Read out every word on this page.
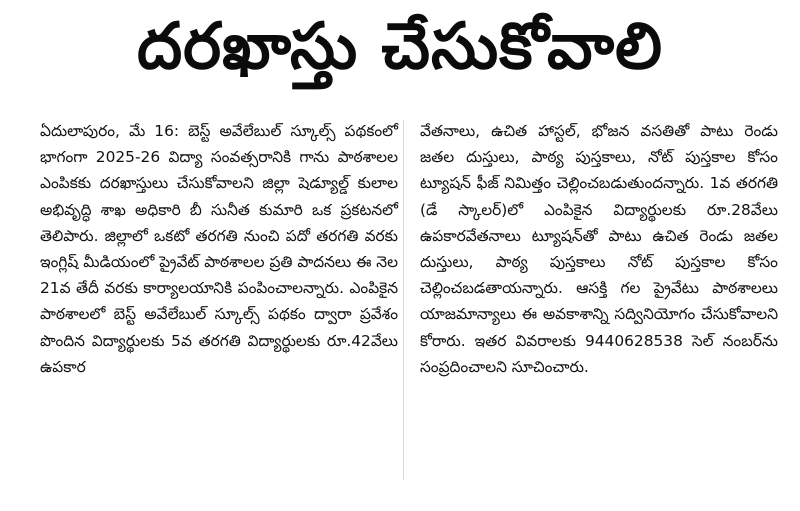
దరఖాస్తు చేసుకోవాలి

ఏదులాపురం, మే 16: బెస్ట్ అవేలేబుల్ స్కూల్స్ పథకంలో భాగంగా 2025-26 విద్యా సంవత్సరానికి గాను పాఠశాలల ఎంపికకు దరఖాస్తులు చేసుకోవాలని జిల్లా షెడ్యూల్డ్ కులాల అభివృద్ధి శాఖ అధికారి బీ సునీత కుమారి ఒక ప్రకటనలో తెలిపారు. జిల్లాలో ఒకటో తరగతి నుంచి పదో తరగతి వరకు ఇంగ్లిష్ మీడియంలో ప్రైవేట్ పాఠశాలల ప్రతి పాదనలు ఈ నెల 21వ తేదీ వరకు కార్యాలయానికి పంపించాలన్నారు. ఎంపికైన పాఠశాలలో బెస్ట్ అవేలేబుల్ స్కూల్స్ పథకం ద్వారా ప్రవేశం పొందిన విద్యార్థులకు 5వ తరగతి విద్యార్థులకు రూ.42వేలు ఉపకార

వేతనాలు, ఉచిత హాస్టల్, భోజన వసతితో పాటు రెండు జతల దుస్తులు, పాఠ్య పుస్తకాలు, నోట్ పుస్తకాల కోసం ట్యూషన్ ఫీజ్ నిమిత్తం చెల్లించబడుతుందన్నారు. 1వ తరగతి (డే స్కాలర్)లో ఎంపికైన విద్యార్థులకు రూ.28వేలు ఉపకారవేతనాలు ట్యూషన్‌తో పాటు ఉచిత రెండు జతల దుస్తులు, పాఠ్య పుస్తకాలు నోట్ పుస్తకాల కోసం చెల్లించబడతాయన్నారు. ఆసక్తి గల ప్రైవేటు పాఠశాలలు యాజమాన్యాలు ఈ అవకాశాన్ని సద్వినియోగం చేసుకోవాలని కోరారు. ఇతర వివరాలకు 9440628538 సెల్ నంబర్‌ను సంప్రదించాలని సూచించారు.
